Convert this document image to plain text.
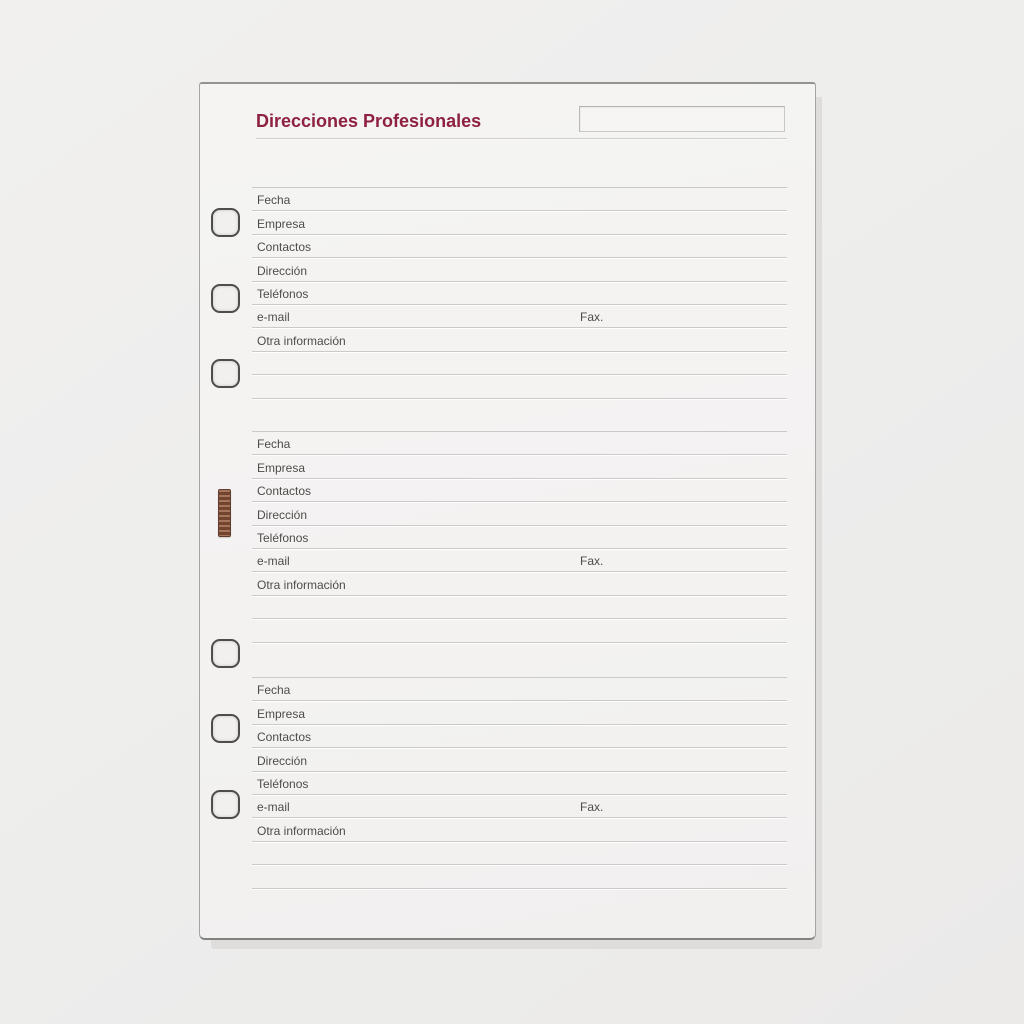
Direcciones Profesionales
Fecha
Empresa
Contactos
Dirección
Teléfonos
e-mail	Fax.
Otra información
Fecha
Empresa
Contactos
Dirección
Teléfonos
e-mail	Fax.
Otra información
Fecha
Empresa
Contactos
Dirección
Teléfonos
e-mail	Fax.
Otra información
